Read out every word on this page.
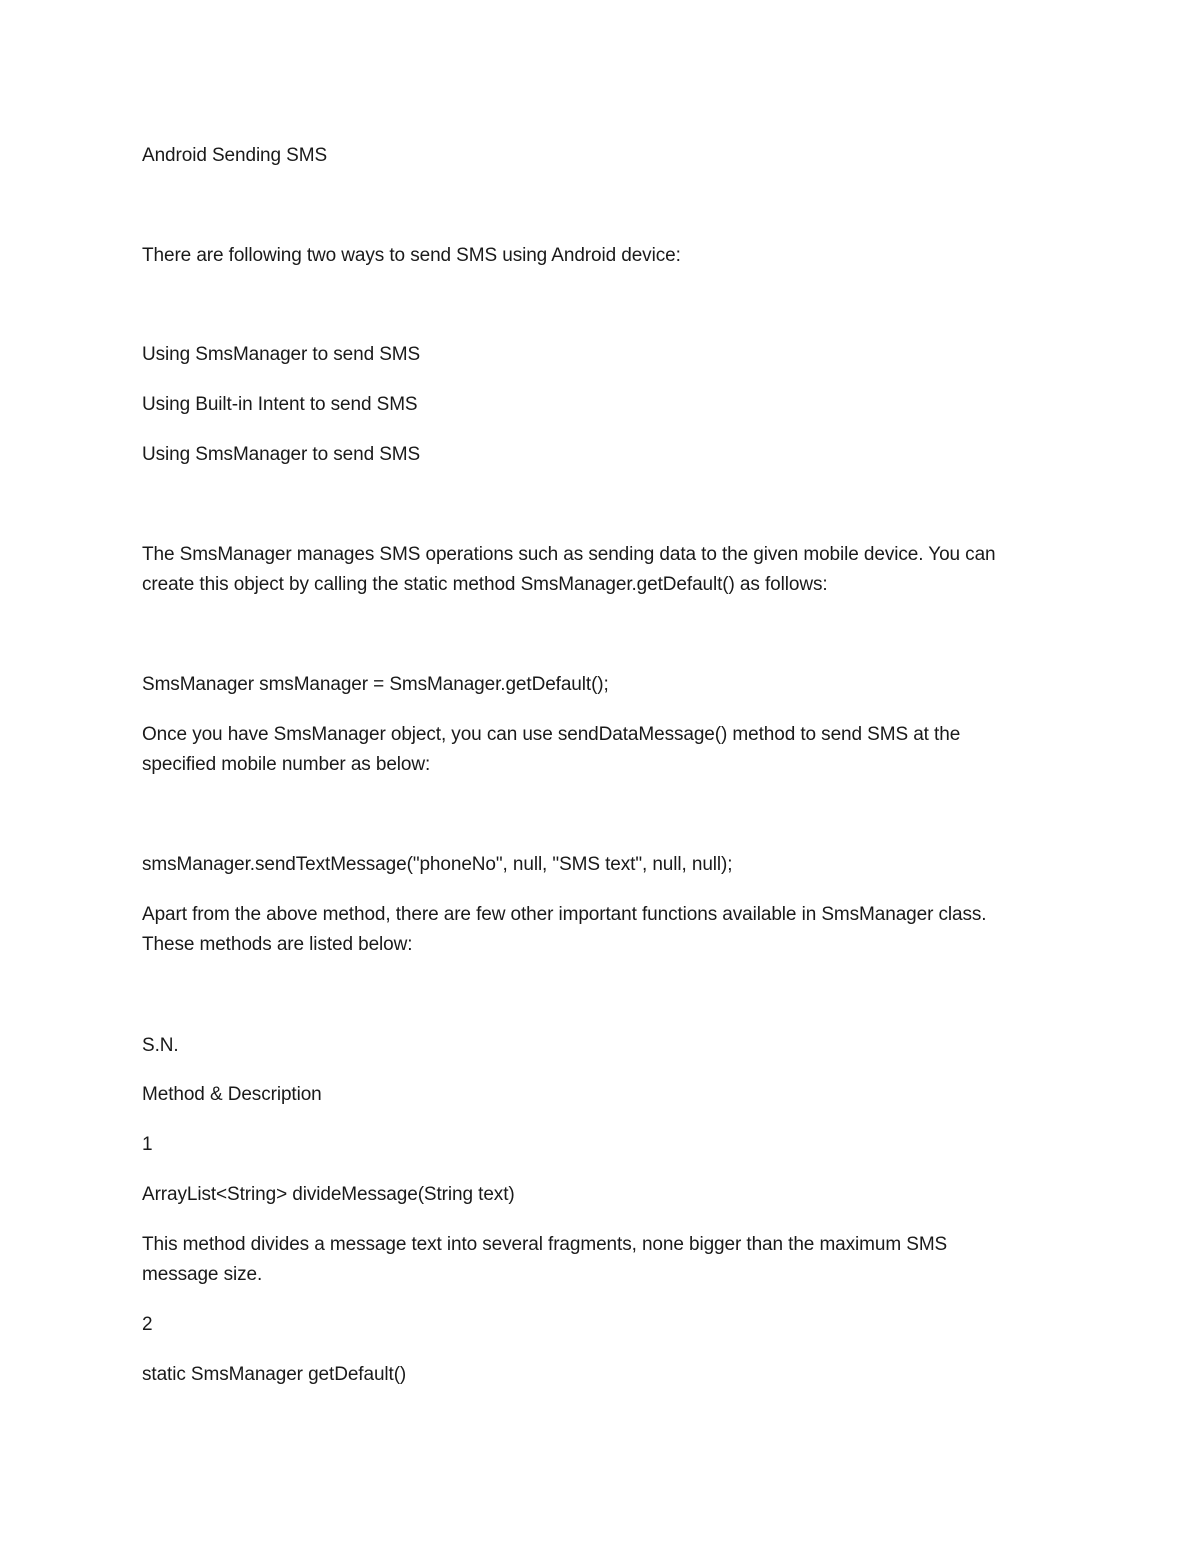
Android Sending SMS
There are following two ways to send SMS using Android device:
Using SmsManager to send SMS
Using Built-in Intent to send SMS
Using SmsManager to send SMS
The SmsManager manages SMS operations such as sending data to the given mobile device. You can
create this object by calling the static method SmsManager.getDefault() as follows:
SmsManager smsManager = SmsManager.getDefault();
Once you have SmsManager object, you can use sendDataMessage() method to send SMS at the
specified mobile number as below:
smsManager.sendTextMessage("phoneNo", null, "SMS text", null, null);
Apart from the above method, there are few other important functions available in SmsManager class.
These methods are listed below:
S.N.
Method & Description
1
ArrayList<String> divideMessage(String text)
This method divides a message text into several fragments, none bigger than the maximum SMS
message size.
2
static SmsManager getDefault()
